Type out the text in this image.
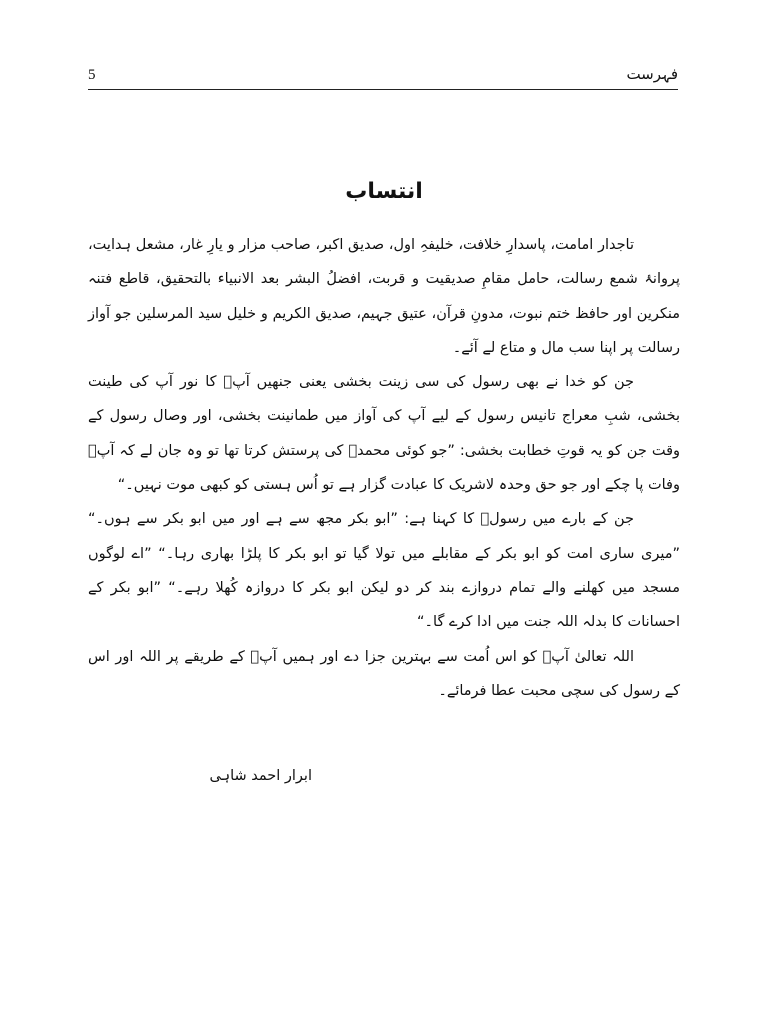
5	فہرست
انتساب

تاجدار امامت، پاسدارِ خلافت، خلیفہِ اول، صدیق اکبر، صاحب مزار و یارِ غار، مشعل ہدایت، پروانۂ شمع رسالت، حامل مقامِ صدیقیت و قربت، افضلُ البشر بعد الانبیاء بالتحقیق، قاطع فتنہ منکرین اور حافظ ختم نبوت، مدونِ قرآن، عتیق جہیم، صدیق الکریم و خلیل سید المرسلین جو آواز رسالت پر اپنا سب مال و متاع لے آئے۔

جن کو خدا نے بھی رسول کی سی زینت بخشی یعنی جنھیں آپؐ کا نور آپ کی طینت بخشی، شبِ معراج تانیس رسول کے لیے آپ کی آواز میں طمانینت بخشی، اور وصال رسول کے وقت جن کو یہ قوتِ خطابت بخشی: ”جو کوئی محمدؐ کی پرستش کرتا تھا تو وہ جان لے کہ آپؐ وفات پا چکے اور جو حق وحدہ لاشریک کا عبادت گزار ہے تو اُس ہستی کو کبھی موت نہیں۔“

جن کے بارے میں رسولؐ کا کہنا ہے: ”ابو بکر مجھ سے ہے اور میں ابو بکر سے ہوں۔“ ”میری ساری امت کو ابو بکر کے مقابلے میں تولا گیا تو ابو بکر کا پلڑا بھاری رہا۔“ ”اے لوگوں مسجد میں کھلنے والے تمام دروازے بند کر دو لیکن ابو بکر کا دروازہ کُھلا رہے۔“ ”ابو بکر کے احسانات کا بدلہ اللہ جنت میں ادا کرے گا۔“

اللہ تعالیٰ آپؓ کو اس اُمت سے بہترین جزا دے اور ہمیں آپؓ کے طریقے پر اللہ اور اس کے رسول کی سچی محبت عطا فرمائے۔

ابرار احمد شاہی
